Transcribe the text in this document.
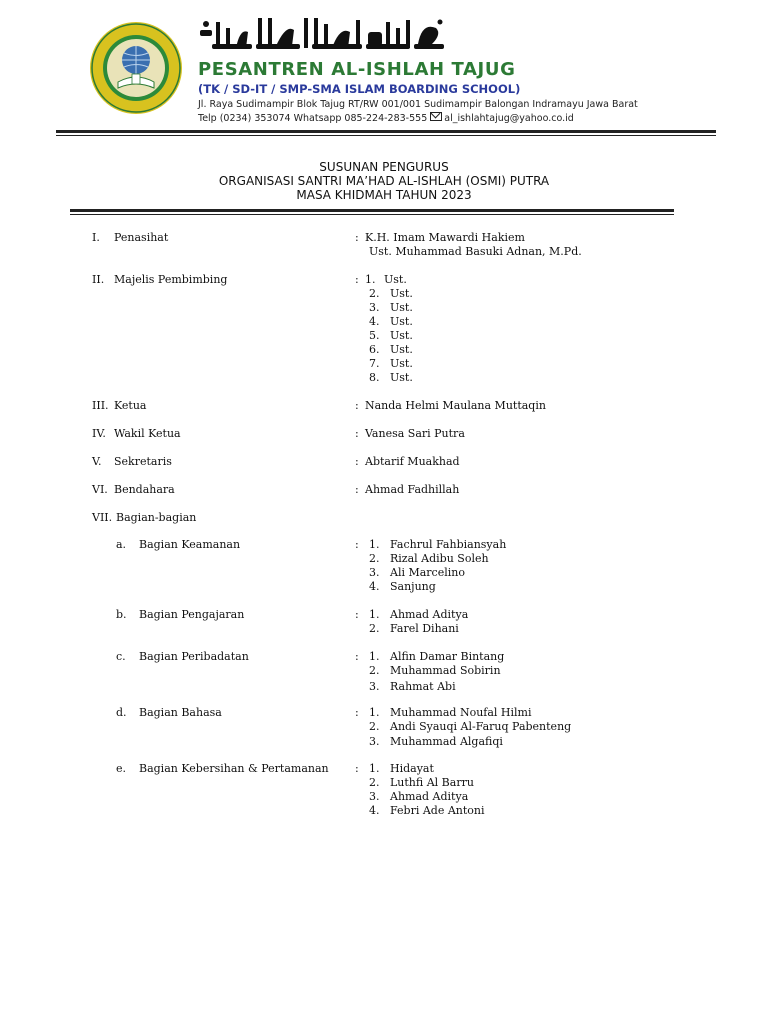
PESANTREN AL-ISHLAH TAJUG
(TK / SD-IT / SMP-SMA ISLAM BOARDING SCHOOL)
Jl. Raya Sudimampir Blok Tajug RT/RW 001/001 Sudimampir Balongan Indramayu Jawa Barat
Telp (0234) 353074 Whatsapp 085-224-283-555 al_ishlahtajug@yahoo.co.id
SUSUNAN PENGURUS
ORGANISASI SANTRI MA’HAD AL-ISHLAH (OSMI) PUTRA
MASA KHIDMAH TAHUN 2023
I. Penasihat	: K.H. Imam Mawardi Hakiem
Ust. Muhammad Basuki Adnan, M.Pd.
II. Majelis Pembimbing	: 1. Ust.
2. Ust.
3. Ust.
4. Ust.
5. Ust.
6. Ust.
7. Ust.
8. Ust.
III. Ketua	: Nanda Helmi Maulana Muttaqin
IV. Wakil Ketua	: Vanesa Sari Putra
V. Sekretaris	: Abtarif Muakhad
VI. Bendahara	: Ahmad Fadhillah
VII. Bagian-bagian
a. Bagian Keamanan	: 1. Fachrul Fahbiansyah
2. Rizal Adibu Soleh
3. Ali Marcelino
4. Sanjung
b. Bagian Pengajaran	: 1. Ahmad Aditya
2. Farel Dihani
c. Bagian Peribadatan	: 1. Alfin Damar Bintang
2. Muhammad Sobirin
3. Rahmat Abi
d. Bagian Bahasa	: 1. Muhammad Noufal Hilmi
2. Andi Syauqi Al-Faruq Pabenteng
3. Muhammad Algafiqi
e. Bagian Kebersihan & Pertamanan : 1. Hidayat
2. Luthfi Al Barru
3. Ahmad Aditya
4. Febri Ade Antoni
